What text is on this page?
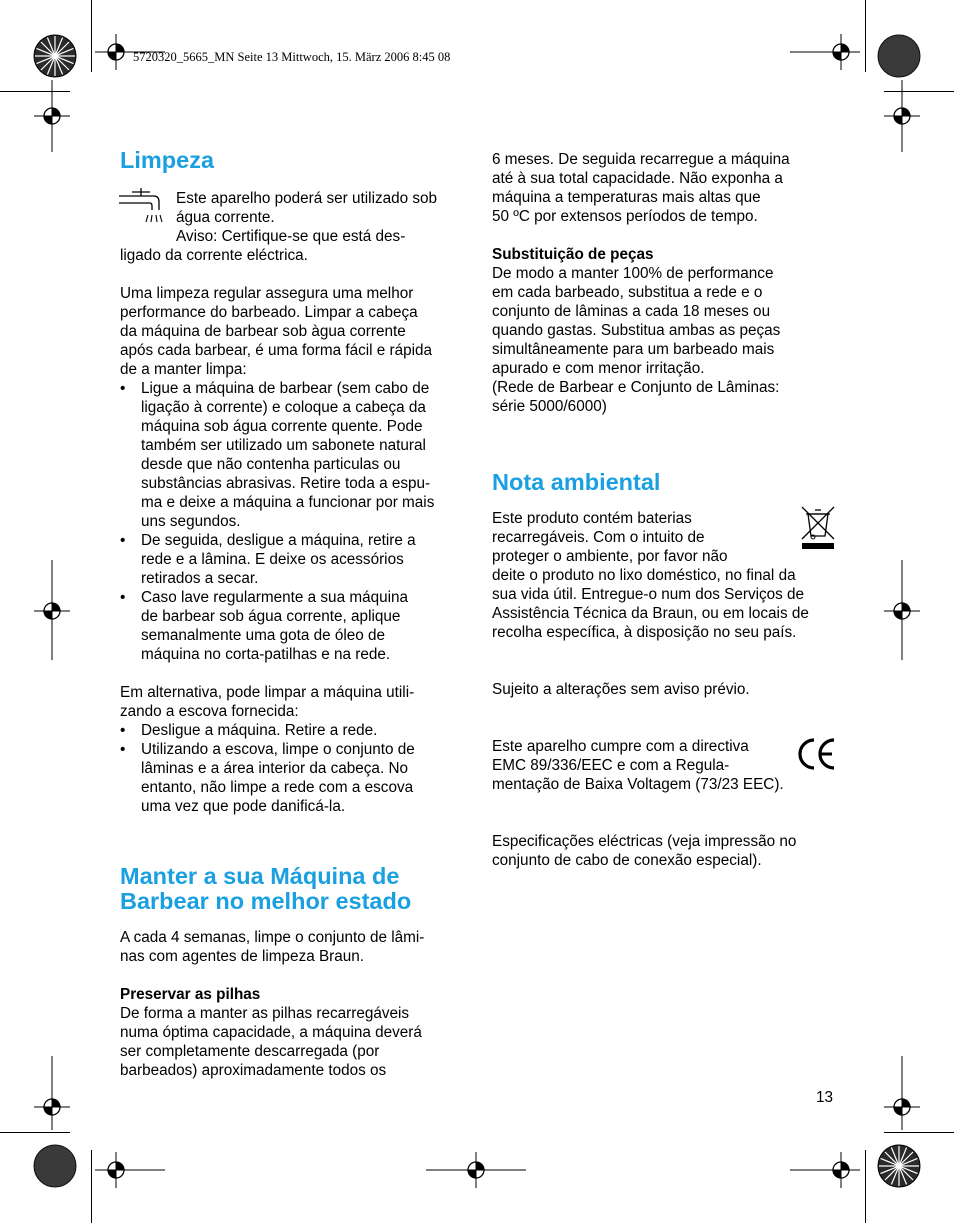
5720320_5665_MN Seite 13 Mittwoch, 15. März 2006 8:45 08
Limpeza

Este aparelho poderá ser utilizado sob

água corrente.

Aviso: Certifique-se que está des-

ligado da corrente eléctrica.

Uma limpeza regular assegura uma melhor

performance do barbeado. Limpar a cabeça

da máquina de barbear sob àgua corrente

após cada barbear, é uma forma fácil e rápida

de a manter limpa:

• Ligue a máquina de barbear (sem cabo de
ligação à corrente) e coloque a cabeça da
máquina sob água corrente quente. Pode
também ser utilizado um sabonete natural
desde que não contenha particulas ou
substâncias abrasivas. Retire toda a espu-
ma e deixe a máquina a funcionar por mais
uns segundos.
• De seguida, desligue a máquina, retire a
rede e a lâmina. E deixe os acessórios
retirados a secar.
• Caso lave regularmente a sua máquina
de barbear sob água corrente, aplique
semanalmente uma gota de óleo de
máquina no corta-patilhas e na rede.

Em alternativa, pode limpar a máquina utili-

zando a escova fornecida:

• Desligue a máquina. Retire a rede.
• Utilizando a escova, limpe o conjunto de
lâminas e a área interior da cabeça. No
entanto, não limpe a rede com a escova
uma vez que pode danificá-la.
Manter a sua Máquina de
Barbear no melhor estado

A cada 4 semanas, limpe o conjunto de lâmi-

nas com agentes de limpeza Braun.

Preservar as pilhas

De forma a manter as pilhas recarregáveis

numa óptima capacidade, a máquina deverá

ser completamente descarregada (por

barbeados) aproximadamente todos os

6 meses. De seguida recarregue a máquina

até à sua total capacidade. Não exponha a

máquina a temperaturas mais altas que

50 ºC por extensos períodos de tempo.

Substituição de peças

De modo a manter 100% de performance

em cada barbeado, substitua a rede e o

conjunto de lâminas a cada 18 meses ou

quando gastas. Substitua ambas as peças

simultâneamente para um barbeado mais

apurado e com menor irritação.

(Rede de Barbear e Conjunto de Lâminas:

série 5000/6000)

Nota ambiental

Este produto contém baterias

recarregáveis. Com o intuito de

proteger o ambiente, por favor não

deite o produto no lixo doméstico, no final da

sua vida útil. Entregue-o num dos Serviços de

Assistência Técnica da Braun, ou em locais de

recolha específica, à disposição no seu país.

Sujeito a alterações sem aviso prévio.

Este aparelho cumpre com a directiva

EMC 89/336/EEC e com a Regula-

mentação de Baixa Voltagem (73/23 EEC).

Especificações eléctricas (veja impressão no

conjunto de cabo de conexão especial).

13
